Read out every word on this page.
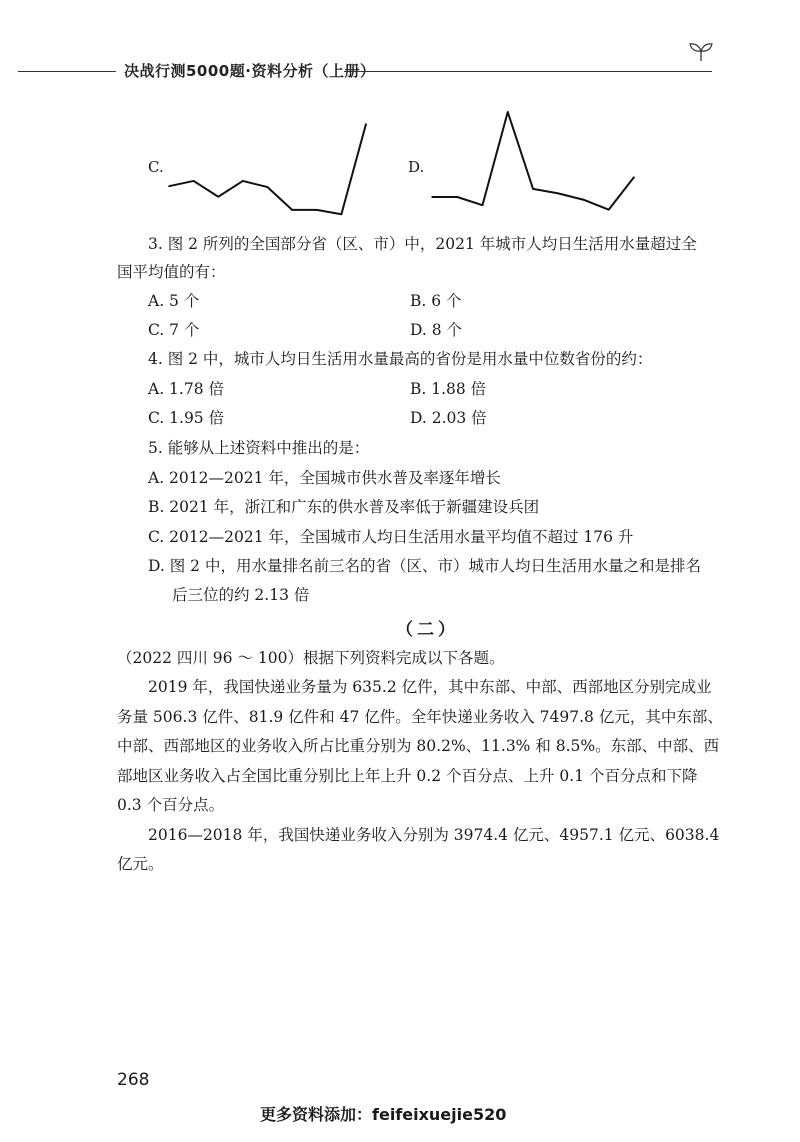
决战行测5000题·资料分析（上册）
C.	D.
3. 图 2 所列的全国部分省（区、市）中，2021 年城市人均日生活用水量超过全
国平均值的有：
A. 5 个	B. 6 个
C. 7 个	D. 8 个
4. 图 2 中，城市人均日生活用水量最高的省份是用水量中位数省份的约：
A. 1.78 倍	B. 1.88 倍
C. 1.95 倍	D. 2.03 倍
5. 能够从上述资料中推出的是：
A. 2012—2021 年，全国城市供水普及率逐年增长
B. 2021 年，浙江和广东的供水普及率低于新疆建设兵团
C. 2012—2021 年，全国城市人均日生活用水量平均值不超过 176 升
D. 图 2 中，用水量排名前三名的省（区、市）城市人均日生活用水量之和是排名
后三位的约 2.13 倍
（二）
（2022 四川 96 ～ 100）根据下列资料完成以下各题。
2019 年，我国快递业务量为 635.2 亿件，其中东部、中部、西部地区分别完成业
务量 506.3 亿件、81.9 亿件和 47 亿件。全年快递业务收入 7497.8 亿元，其中东部、
中部、西部地区的业务收入所占比重分别为 80.2%、11.3% 和 8.5%。东部、中部、西
部地区业务收入占全国比重分别比上年上升 0.2 个百分点、上升 0.1 个百分点和下降
0.3 个百分点。
2016—2018 年，我国快递业务收入分别为 3974.4 亿元、4957.1 亿元、6038.4
亿元。
268
更多资料添加：feifeixuejie520
